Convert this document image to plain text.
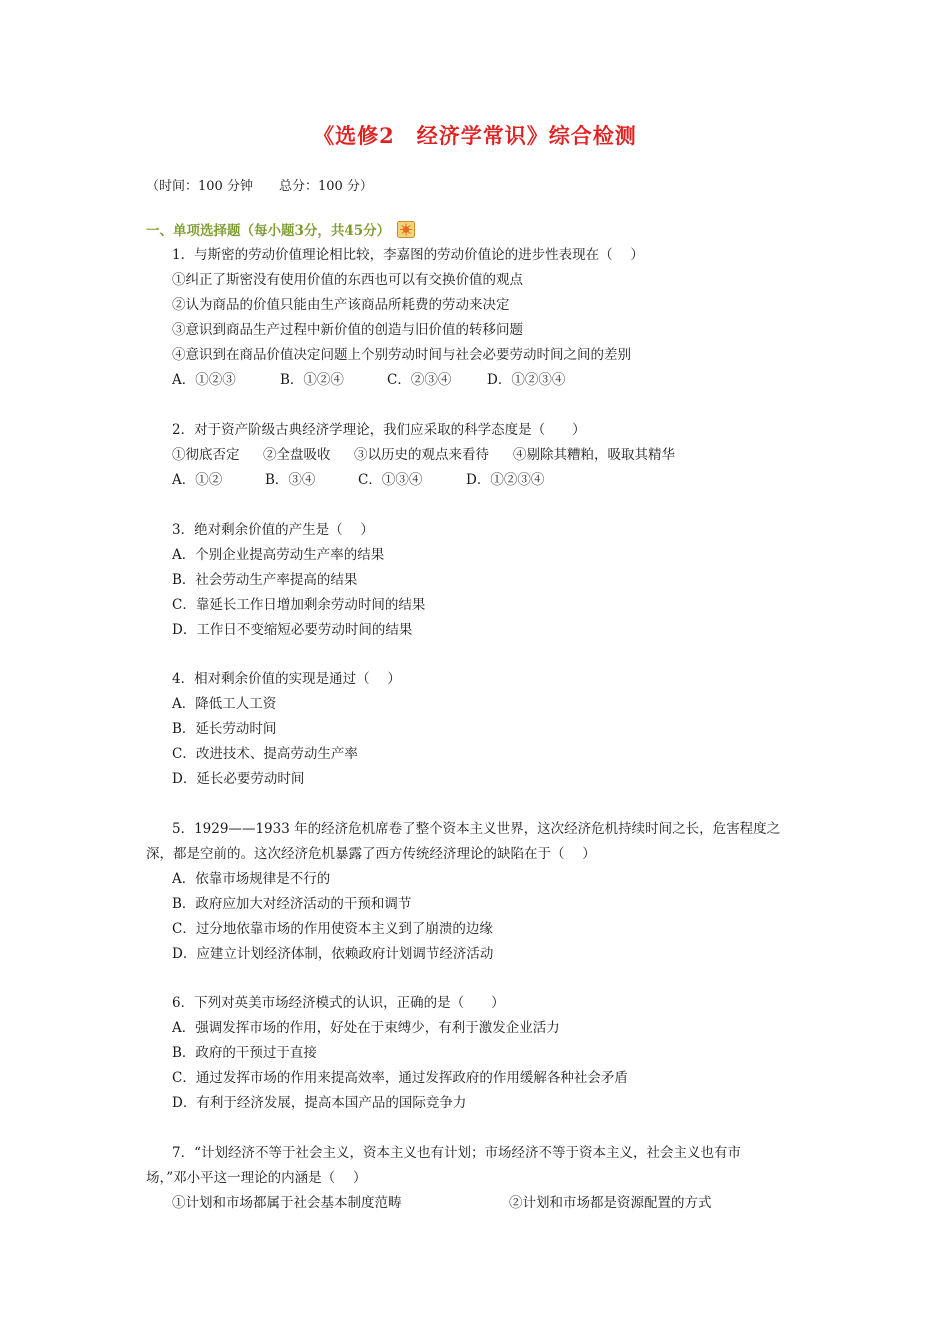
《选修2　经济学常识》综合检测
（时间：100 分钟　　总分：100 分）
一、单项选择题（每小题3分，共45分）
1．与斯密的劳动价值理论相比较，李嘉图的劳动价值论的进步性表现在（　 ）
①纠正了斯密没有使用价值的东西也可以有交换价值的观点
②认为商品的价值只能由生产该商品所耗费的劳动来决定
③意识到商品生产过程中新价值的创造与旧价值的转移问题
④意识到在商品价值决定问题上个别劳动时间与社会必要劳动时间之间的差别
A．①②③	B．①②④	C．②③④	D．①②③④
2．对于资产阶级古典经济学理论，我们应采取的科学态度是（　　）
①彻底否定 ②全盘吸收 ③以历史的观点来看待 ④剔除其糟粕，吸取其精华
A．①②	B．③④	C．①③④	D．①②③④
3．绝对剩余价值的产生是（　 ）
A．个别企业提高劳动生产率的结果
B．社会劳动生产率提高的结果
C．靠延长工作日增加剩余劳动时间的结果
D．工作日不变缩短必要劳动时间的结果
4．相对剩余价值的实现是通过（　 ）
A．降低工人工资
B．延长劳动时间
C．改进技术、提高劳动生产率
D．延长必要劳动时间
5．1929——1933 年的经济危机席卷了整个资本主义世界，这次经济危机持续时间之长，危害程度之
深，都是空前的。这次经济危机暴露了西方传统经济理论的缺陷在于（　 ）
A．依靠市场规律是不行的
B．政府应加大对经济活动的干预和调节
C．过分地依靠市场的作用使资本主义到了崩溃的边缘
D．应建立计划经济体制，依赖政府计划调节经济活动
6．下列对英美市场经济模式的认识，正确的是（　　）
A．强调发挥市场的作用，好处在于束缚少，有利于激发企业活力
B．政府的干预过于直接
C．通过发挥市场的作用来提高效率，通过发挥政府的作用缓解各种社会矛盾
D．有利于经济发展，提高本国产品的国际竞争力
7．“计划经济不等于社会主义，资本主义也有计划；市场经济不等于资本主义，社会主义也有市
场，”邓小平这一理论的内涵是（　 ）
①计划和市场都属于社会基本制度范畴	②计划和市场都是资源配置的方式
